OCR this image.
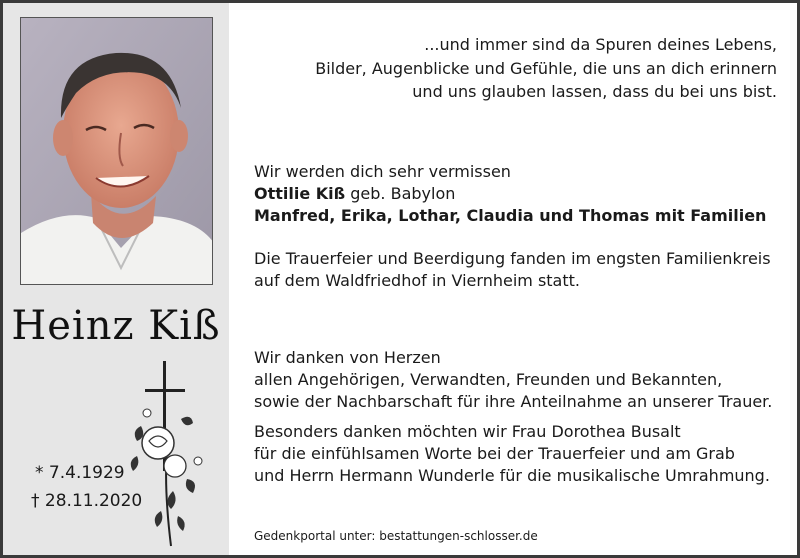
Heinz Kiß
* 7.4.1929
† 28.11.2020
...und immer sind da Spuren deines Lebens,
Bilder, Augenblicke und Gefühle, die uns an dich erinnern
und uns glauben lassen, dass du bei uns bist.
Wir werden dich sehr vermissen
Ottilie Kiß geb. Babylon
Manfred, Erika, Lothar, Claudia und Thomas mit Familien
Die Trauerfeier und Beerdigung fanden im engsten Familienkreis
auf dem Waldfriedhof in Viernheim statt.
Wir danken von Herzen
allen Angehörigen, Verwandten, Freunden und Bekannten,
sowie der Nachbarschaft für ihre Anteilnahme an unserer Trauer.
Besonders danken möchten wir Frau Dorothea Busalt
für die einfühlsamen Worte bei der Trauerfeier und am Grab
und Herrn Hermann Wunderle für die musikalische Umrahmung.
Gedenkportal unter: bestattungen-schlosser.de
